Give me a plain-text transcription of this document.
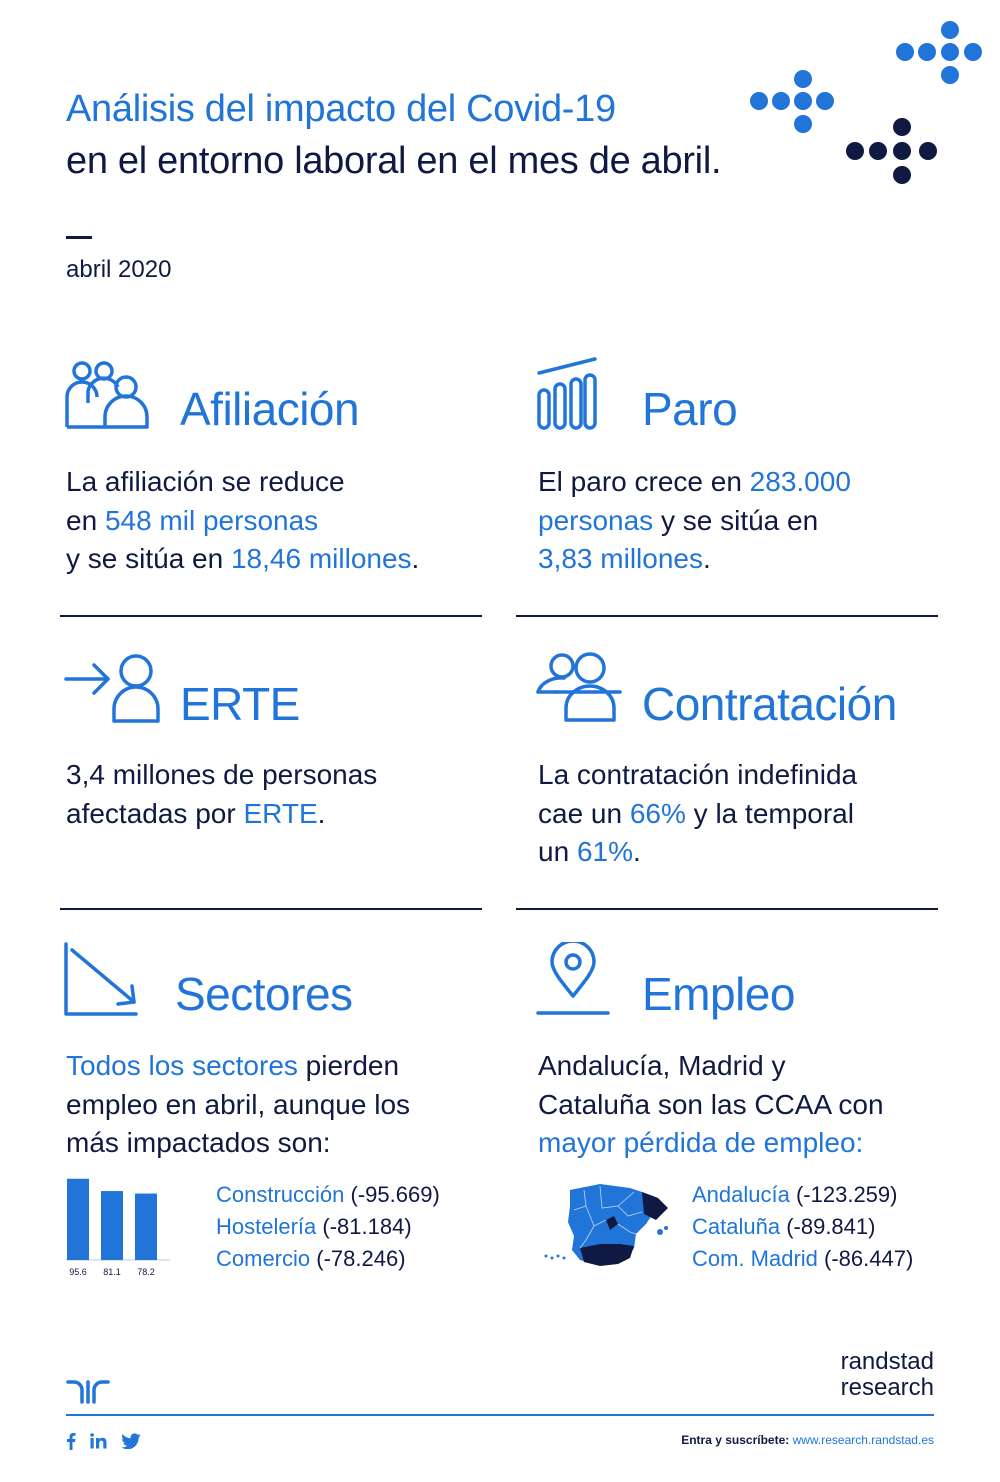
Análisis del impacto del Covid-19
en el entorno laboral en el mes de abril.
abril 2020
Afiliación

La afiliación se reduce

en 548 mil personas

y se sitúa en 18,46 millones.

Paro

El paro crece en 283.000

personas y se sitúa en

3,83 millones.

ERTE

3,4 millones de personas

afectadas por ERTE.

Contratación

La contratación indefinida

cae un 66% y la temporal

un 61%.

Sectores

Todos los sectores pierden

empleo en abril, aunque los

más impactados son:

95.6 81.1 78.2

Construcción (-95.669)

Hostelería (-81.184)

Comercio (-78.246)

Empleo

Andalucía, Madrid y

Cataluña son las CCAA con

mayor pérdida de empleo:

Andalucía (-123.259)

Cataluña (-89.841)

Com. Madrid (-86.447)

randstad
research
Entra y suscríbete: www.research.randstad.es
